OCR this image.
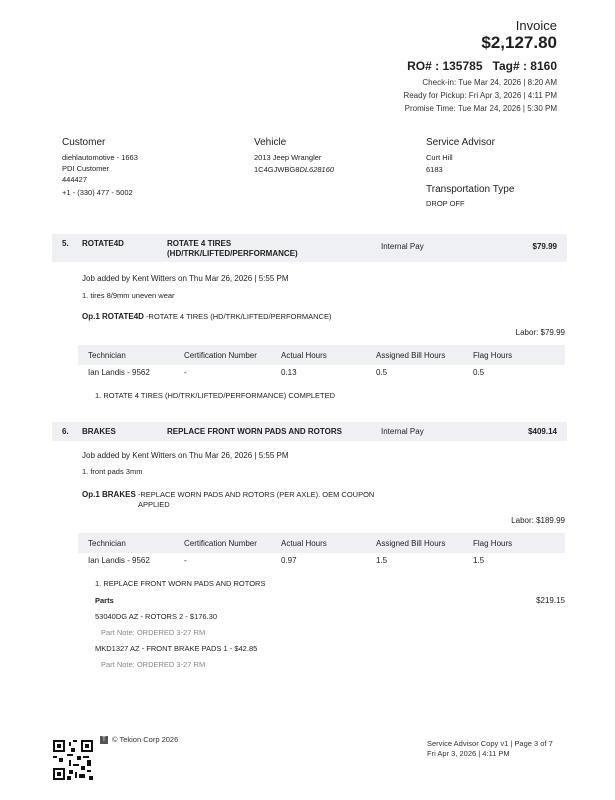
Invoice
$2,127.80
RO# : 135785 Tag# : 8160
Check-in: Tue Mar 24, 2026 | 8:20 AM
Ready for Pickup: Fri Apr 3, 2026 | 4:11 PM
Promise Time: Tue Mar 24, 2026 | 5:30 PM
Customer
diehlautomotive - 1663
PDI Customer
444427
+1 - (330) 477 - 5002
Vehicle
2013 Jeep Wrangler
1C4GJWBG8DL628160
Service Advisor
Curt Hill
6183
Transportation Type
DROP OFF
5. ROTATE4D	ROTATE 4 TIRES
(HD/TRK/LIFTED/PERFORMANCE)
Internal Pay	$79.99
Job added by Kent Witters on Thu Mar 26, 2026 | 5:55 PM
1. tires 8/9mm uneven wear
Op.1 ROTATE4D -ROTATE 4 TIRES (HD/TRK/LIFTED/PERFORMANCE)
Labor: $79.99
Technician	Certification Number	Actual Hours	Assigned Bill Hours	Flag Hours
Ian Landis - 9562	-	0.13	0.5	0.5
1. ROTATE 4 TIRES (HD/TRK/LIFTED/PERFORMANCE) COMPLETED
6. BRAKES	REPLACE FRONT WORN PADS AND ROTORS	Internal Pay	$409.14
Job added by Kent Witters on Thu Mar 26, 2026 | 5:55 PM
1. front pads 3mm
Op.1 BRAKES -REPLACE WORN PADS AND ROTORS (PER AXLE). OEM COUPON
APPLIED
Labor: $189.99
Technician	Certification Number	Actual Hours	Assigned Bill Hours	Flag Hours
Ian Landis - 9562	-	0.97	1.5	1.5
1. REPLACE FRONT WORN PADS AND ROTORS
Parts	$219.15
53040DG AZ - ROTORS 2 - $176.30
Part Note: ORDERED 3-27 RM
MKD1327 AZ - FRONT BRAKE PADS 1 - $42.85
Part Note: ORDERED 3-27 RM
T © Tekion Corp 2026	Service Advisor Copy v1 | Page 3 of 7
Fri Apr 3, 2026 | 4:11 PM
